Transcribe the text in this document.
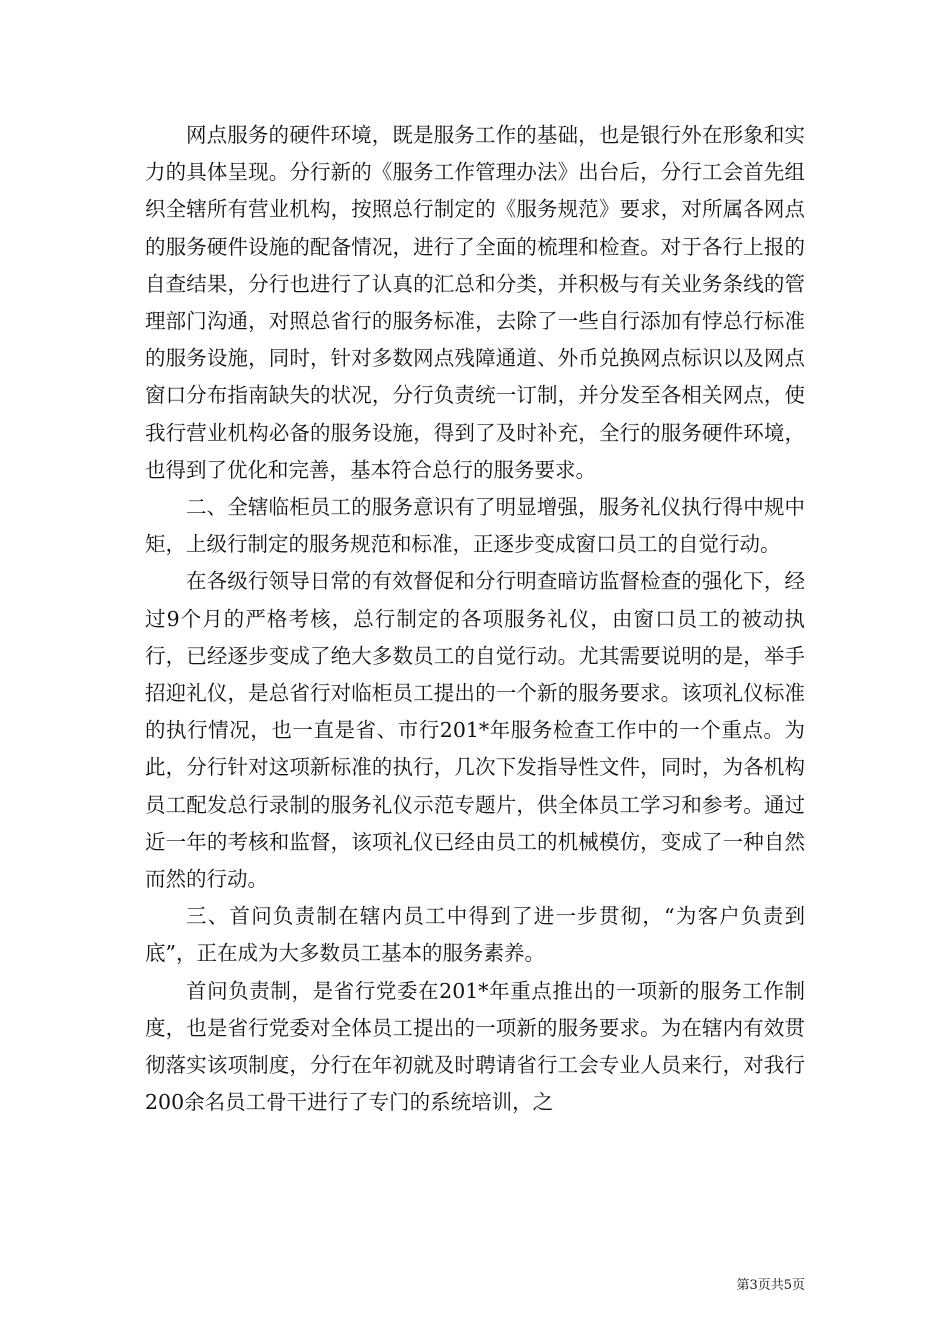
网点服务的硬件环境，既是服务工作的基础，也是银行外在形象和实力的具体呈现。分行新的《服务工作管理办法》出台后，分行工会首先组织全辖所有营业机构，按照总行制定的《服务规范》要求，对所属各网点的服务硬件设施的配备情况，进行了全面的梳理和检查。对于各行上报的自查结果，分行也进行了认真的汇总和分类，并积极与有关业务条线的管理部门沟通，对照总省行的服务标准，去除了一些自行添加有悖总行标准的服务设施，同时，针对多数网点残障通道、外币兑换网点标识以及网点窗口分布指南缺失的状况，分行负责统一订制，并分发至各相关网点，使我行营业机构必备的服务设施，得到了及时补充，全行的服务硬件环境，也得到了优化和完善，基本符合总行的服务要求。

二、全辖临柜员工的服务意识有了明显增强，服务礼仪执行得中规中矩，上级行制定的服务规范和标准，正逐步变成窗口员工的自觉行动。

在各级行领导日常的有效督促和分行明查暗访监督检查的强化下，经过9个月的严格考核，总行制定的各项服务礼仪，由窗口员工的被动执行，已经逐步变成了绝大多数员工的自觉行动。尤其需要说明的是，举手招迎礼仪，是总省行对临柜员工提出的一个新的服务要求。该项礼仪标准的执行情况，也一直是省、市行201*年服务检查工作中的一个重点。为此，分行针对这项新标准的执行，几次下发指导性文件，同时，为各机构员工配发总行录制的服务礼仪示范专题片，供全体员工学习和参考。通过近一年的考核和监督，该项礼仪已经由员工的机械模仿，变成了一种自然而然的行动。

三、首问负责制在辖内员工中得到了进一步贯彻，“为客户负责到底”，正在成为大多数员工基本的服务素养。

首问负责制，是省行党委在201*年重点推出的一项新的服务工作制度，也是省行党委对全体员工提出的一项新的服务要求。为在辖内有效贯彻落实该项制度，分行在年初就及时聘请省行工会专业人员来行，对我行200余名员工骨干进行了专门的系统培训，之

第3页共5页
